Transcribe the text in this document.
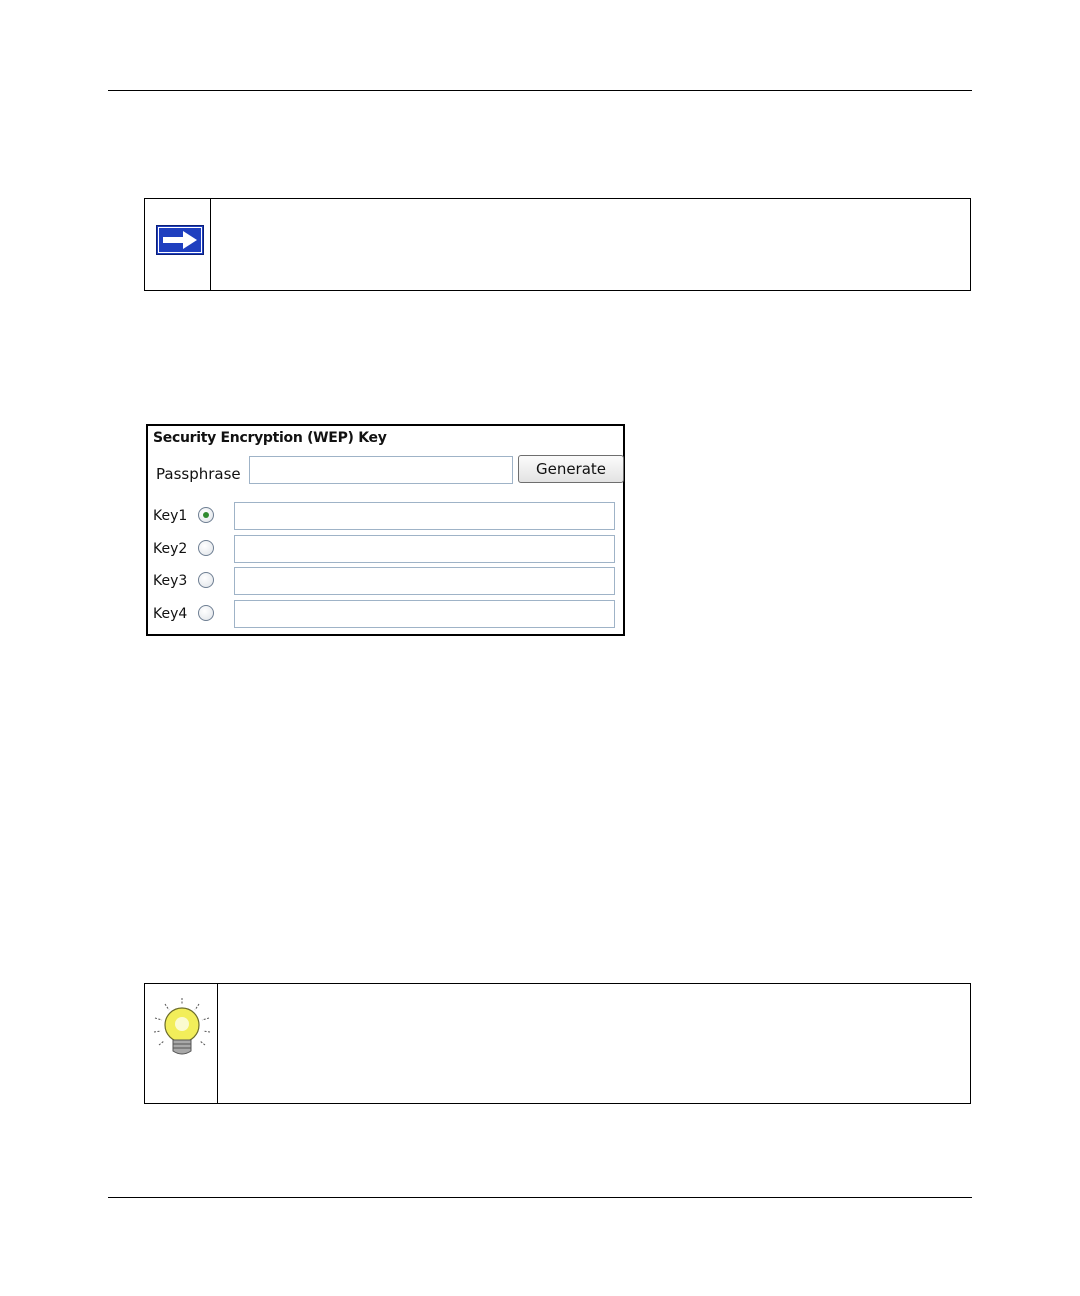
Security Encryption (WEP) Key
Passphrase	Generate
Key1
Key2
Key3
Key4
